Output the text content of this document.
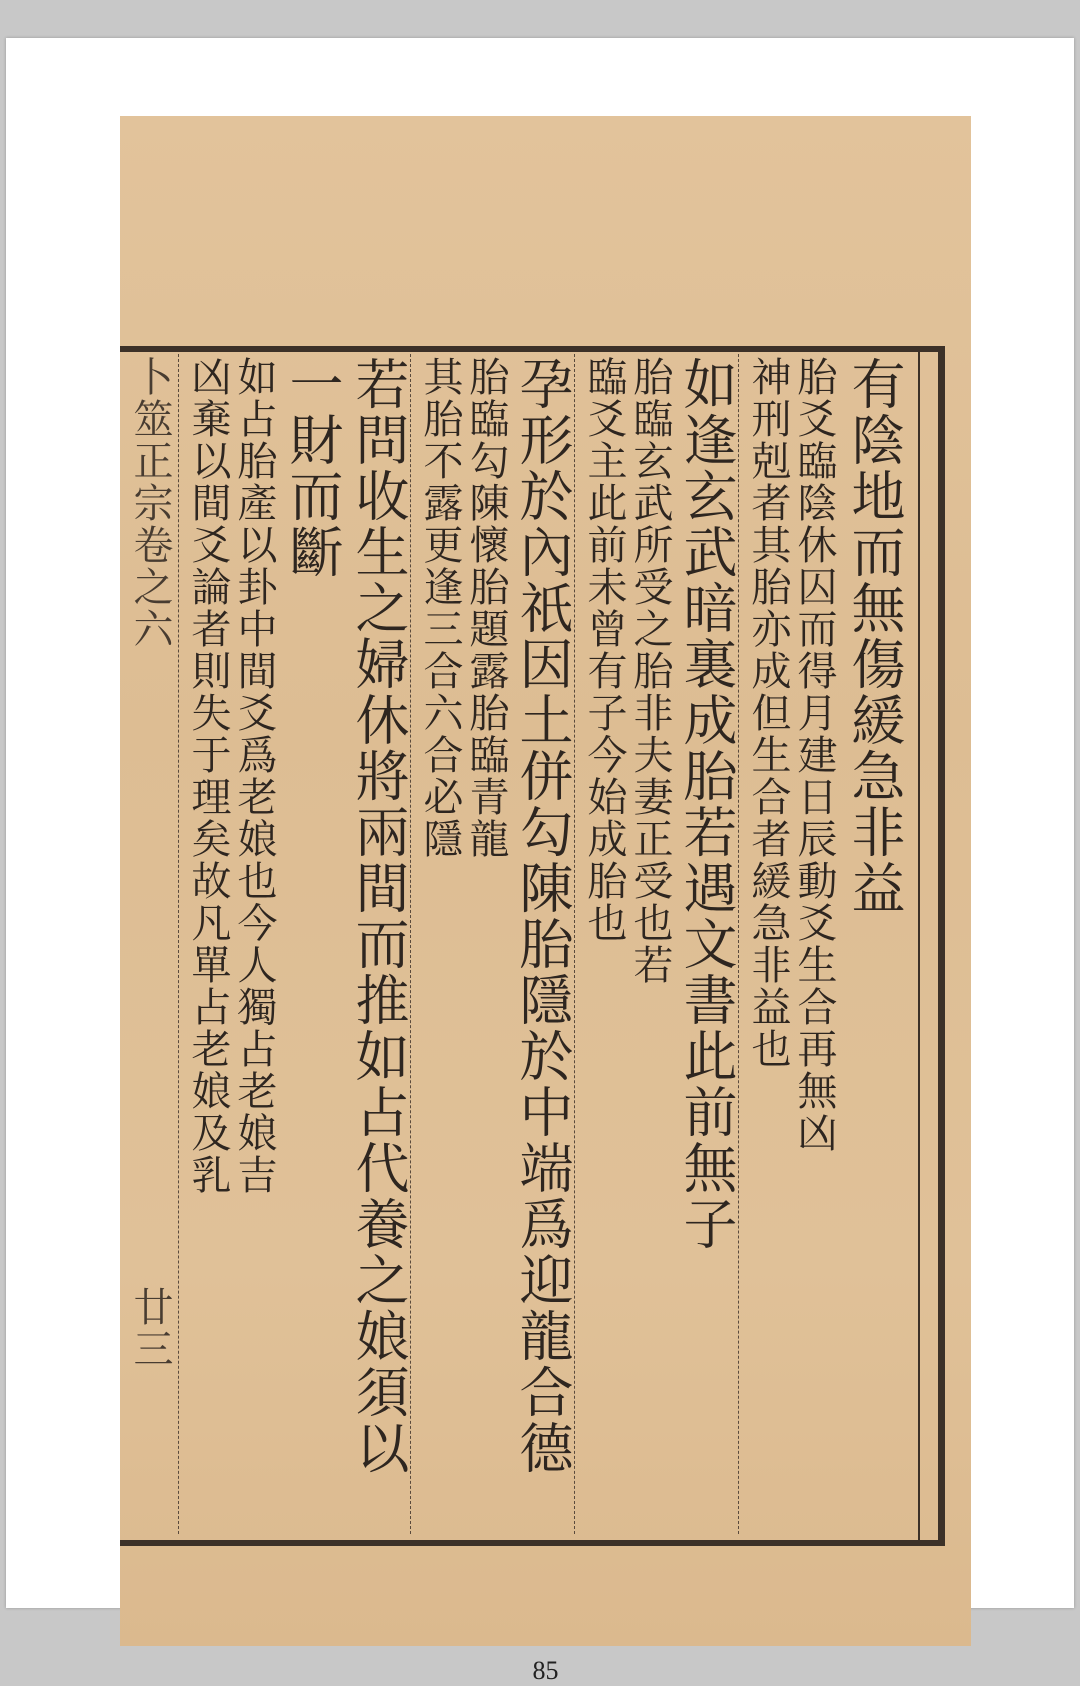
有陰地而無傷緩急非益
胎爻臨陰休囚而得月建日辰動爻生合再無凶
神刑剋者其胎亦成但生合者緩急非益也
如逢玄武暗裏成胎若遇文書此前無子
胎臨玄武所受之胎非夫妻正受也若
臨爻主此前未曾有子今始成胎也
孕形於內祇因土併勾陳胎隱於中端爲迎龍合德
胎臨勾陳懷胎題露胎臨青龍
其胎不露更逢三合六合必隱
若問收生之婦休將兩間而推如占代養之娘須以
一財而斷
如占胎產以卦中間爻爲老娘也今人獨占老娘吉
凶棄以間爻論者則失于理矣故凡單占老娘及乳
卜筮正宗卷之六
廿三
85
